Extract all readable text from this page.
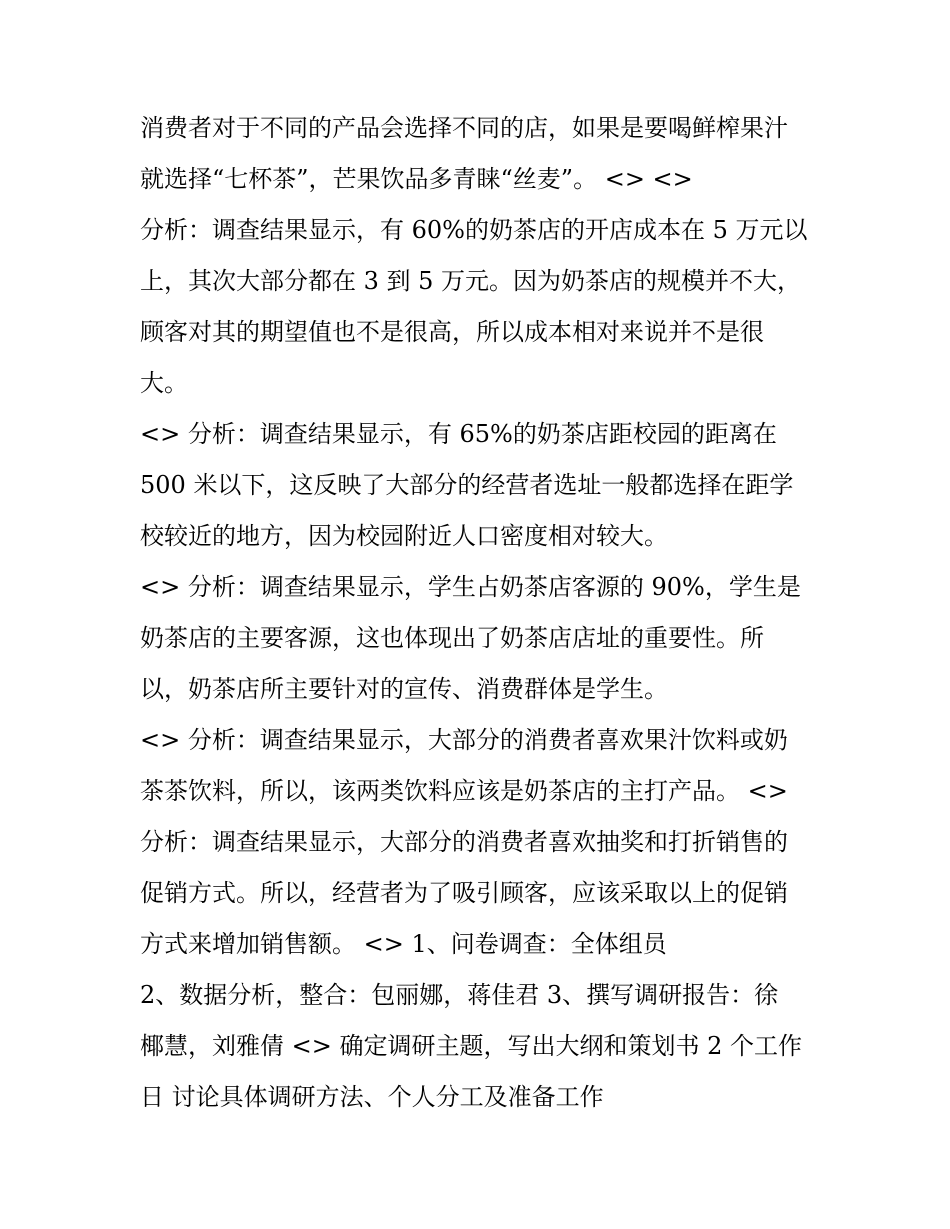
消费者对于不同的产品会选择不同的店，如果是要喝鲜榨果汁
就选择“七杯茶”，芒果饮品多青睐“丝麦”。 <> <>
分析：调查结果显示，有 60%的奶茶店的开店成本在 5 万元以
上，其次大部分都在 3 到 5 万元。因为奶茶店的规模并不大，
顾客对其的期望值也不是很高，所以成本相对来说并不是很
大。
<> 分析：调查结果显示，有 65%的奶茶店距校园的距离在
500 米以下，这反映了大部分的经营者选址一般都选择在距学
校较近的地方，因为校园附近人口密度相对较大。
<> 分析：调查结果显示，学生占奶茶店客源的 90%，学生是
奶茶店的主要客源，这也体现出了奶茶店店址的重要性。所
以，奶茶店所主要针对的宣传、消费群体是学生。
<> 分析：调查结果显示，大部分的消费者喜欢果汁饮料或奶
茶茶饮料，所以，该两类饮料应该是奶茶店的主打产品。 <>
分析：调查结果显示，大部分的消费者喜欢抽奖和打折销售的
促销方式。所以，经营者为了吸引顾客，应该采取以上的促销
方式来增加销售额。 <> 1、问卷调查：全体组员
2、数据分析，整合：包丽娜，蒋佳君 3、撰写调研报告：徐
椰慧，刘雅倩 <> 确定调研主题，写出大纲和策划书 2 个工作
日 讨论具体调研方法、个人分工及准备工作
